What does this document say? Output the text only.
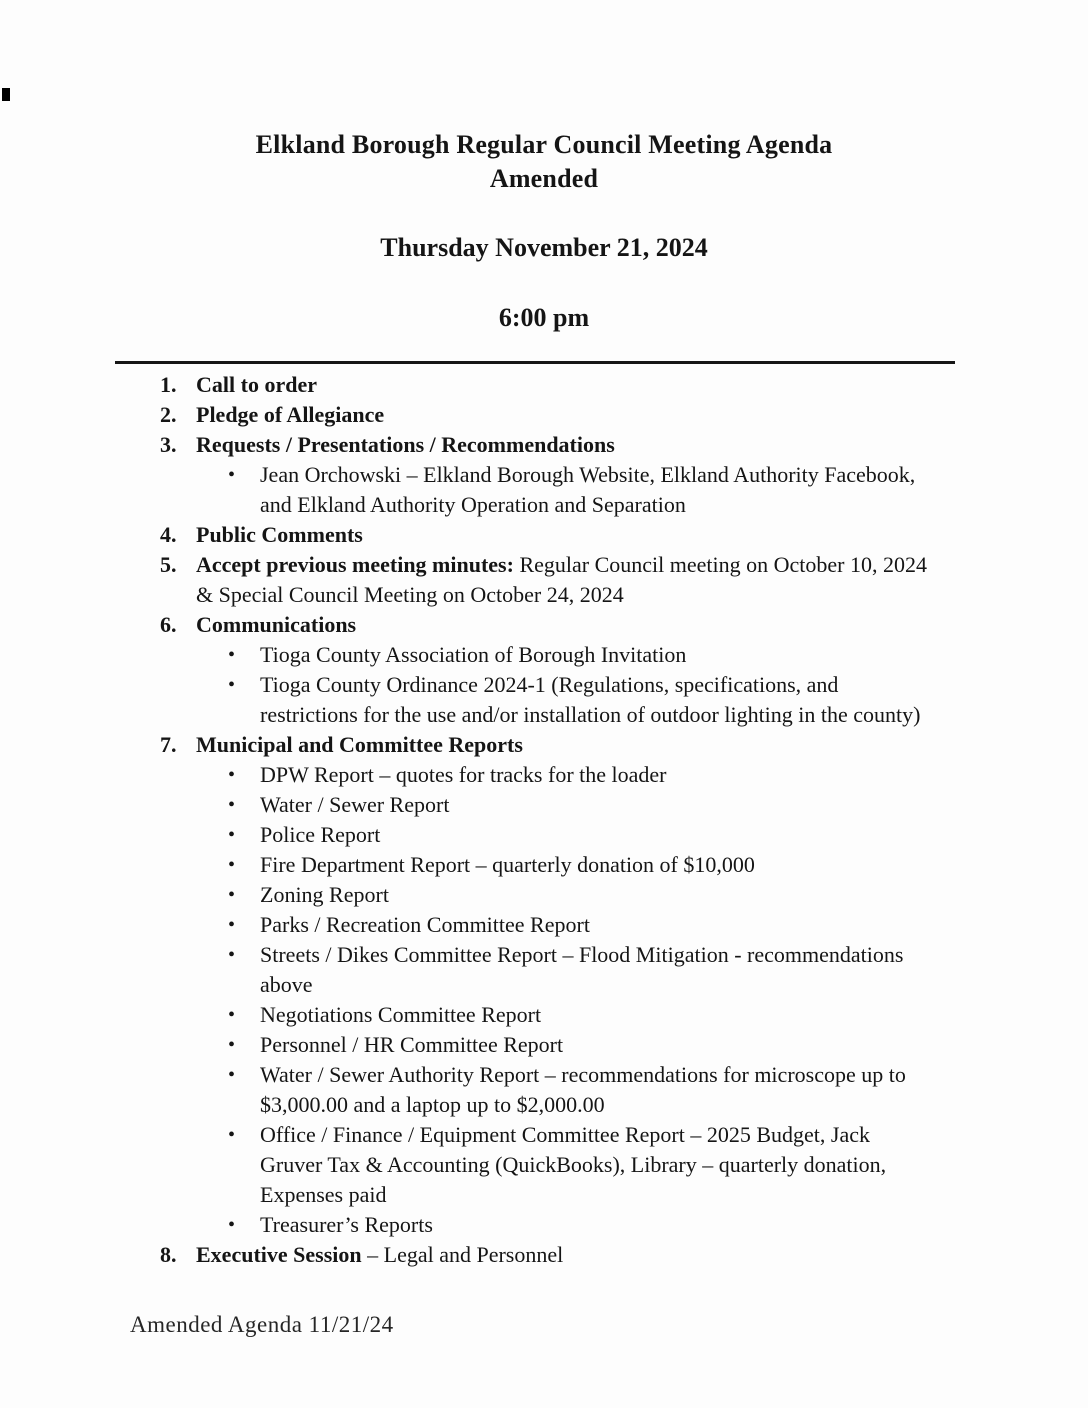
Elkland Borough Regular Council Meeting Agenda
Amended
Thursday November 21, 2024
6:00 pm
1. Call to order
2. Pledge of Allegiance
3. Requests / Presentations / Recommendations
•	Jean Orchowski – Elkland Borough Website, Elkland Authority Facebook, and Elkland Authority Operation and Separation
4. Public Comments
5. Accept previous meeting minutes: Regular Council meeting on October 10, 2024 & Special Council Meeting on October 24, 2024
6. Communications
•	Tioga County Association of Borough Invitation
•	Tioga County Ordinance 2024-1 (Regulations, specifications, and restrictions for the use and/or installation of outdoor lighting in the county)
7. Municipal and Committee Reports
•	DPW Report – quotes for tracks for the loader
•	Water / Sewer Report
•	Police Report
•	Fire Department Report – quarterly donation of $10,000
•	Zoning Report
•	Parks / Recreation Committee Report
•	Streets / Dikes Committee Report – Flood Mitigation - recommendations above
•	Negotiations Committee Report
•	Personnel / HR Committee Report
•	Water / Sewer Authority Report – recommendations for microscope up to $3,000.00 and a laptop up to $2,000.00
•	Office / Finance / Equipment Committee Report – 2025 Budget, Jack Gruver Tax & Accounting (QuickBooks), Library – quarterly donation, Expenses paid
•	Treasurer’s Reports
8. Executive Session – Legal and Personnel
Amended Agenda 11/21/24
